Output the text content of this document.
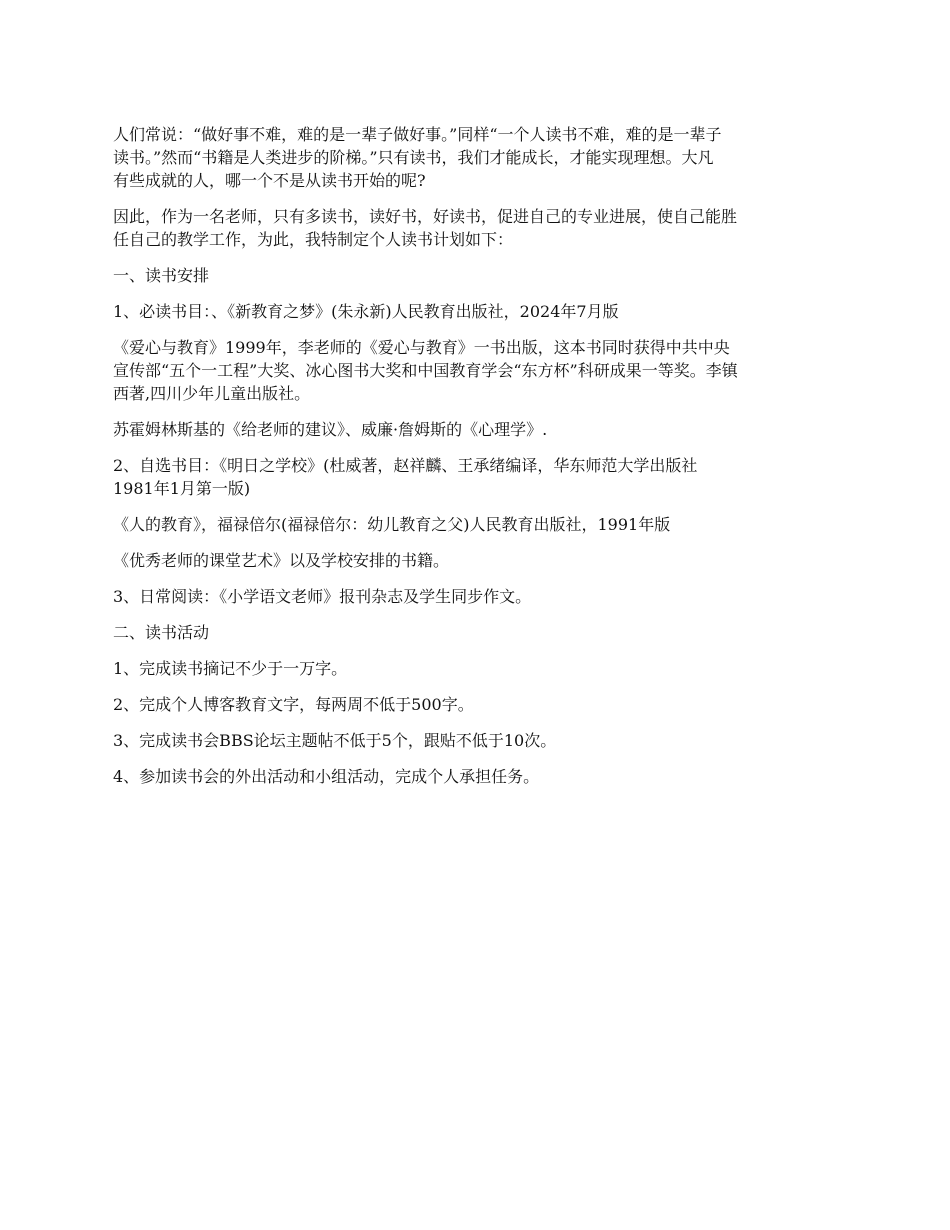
人们常说：“做好事不难，难的是一辈子做好事。”同样“一个人读书不难，难的是一辈子
读书。”然而“书籍是人类进步的阶梯。”只有读书，我们才能成长，才能实现理想。大凡
有些成就的人，哪一个不是从读书开始的呢?

因此，作为一名老师，只有多读书，读好书，好读书，促进自己的专业进展，使自己能胜
任自己的教学工作，为此，我特制定个人读书计划如下：

一、读书安排

1、必读书目：、《新教育之梦》(朱永新)人民教育出版社，2024年7月版

《爱心与教育》1999年，李老师的《爱心与教育》一书出版，这本书同时获得中共中央
宣传部“五个一工程”大奖、冰心图书大奖和中国教育学会“东方杯”科研成果一等奖。李镇
西著,四川少年儿童出版社。

苏霍姆林斯基的《给老师的建议》、威廉·詹姆斯的《心理学》.

2、自选书目：《明日之学校》(杜威著，赵祥麟、王承绪编译，华东师范大学出版社
1981年1月第一版)

《人的教育》，福禄倍尔(福禄倍尔：幼儿教育之父)人民教育出版社，1991年版

《优秀老师的课堂艺术》以及学校安排的书籍。

3、日常阅读：《小学语文老师》报刊杂志及学生同步作文。

二、读书活动

1、完成读书摘记不少于一万字。

2、完成个人博客教育文字，每两周不低于500字。

3、完成读书会BBS论坛主题帖不低于5个，跟贴不低于10次。

4、参加读书会的外出活动和小组活动，完成个人承担任务。
